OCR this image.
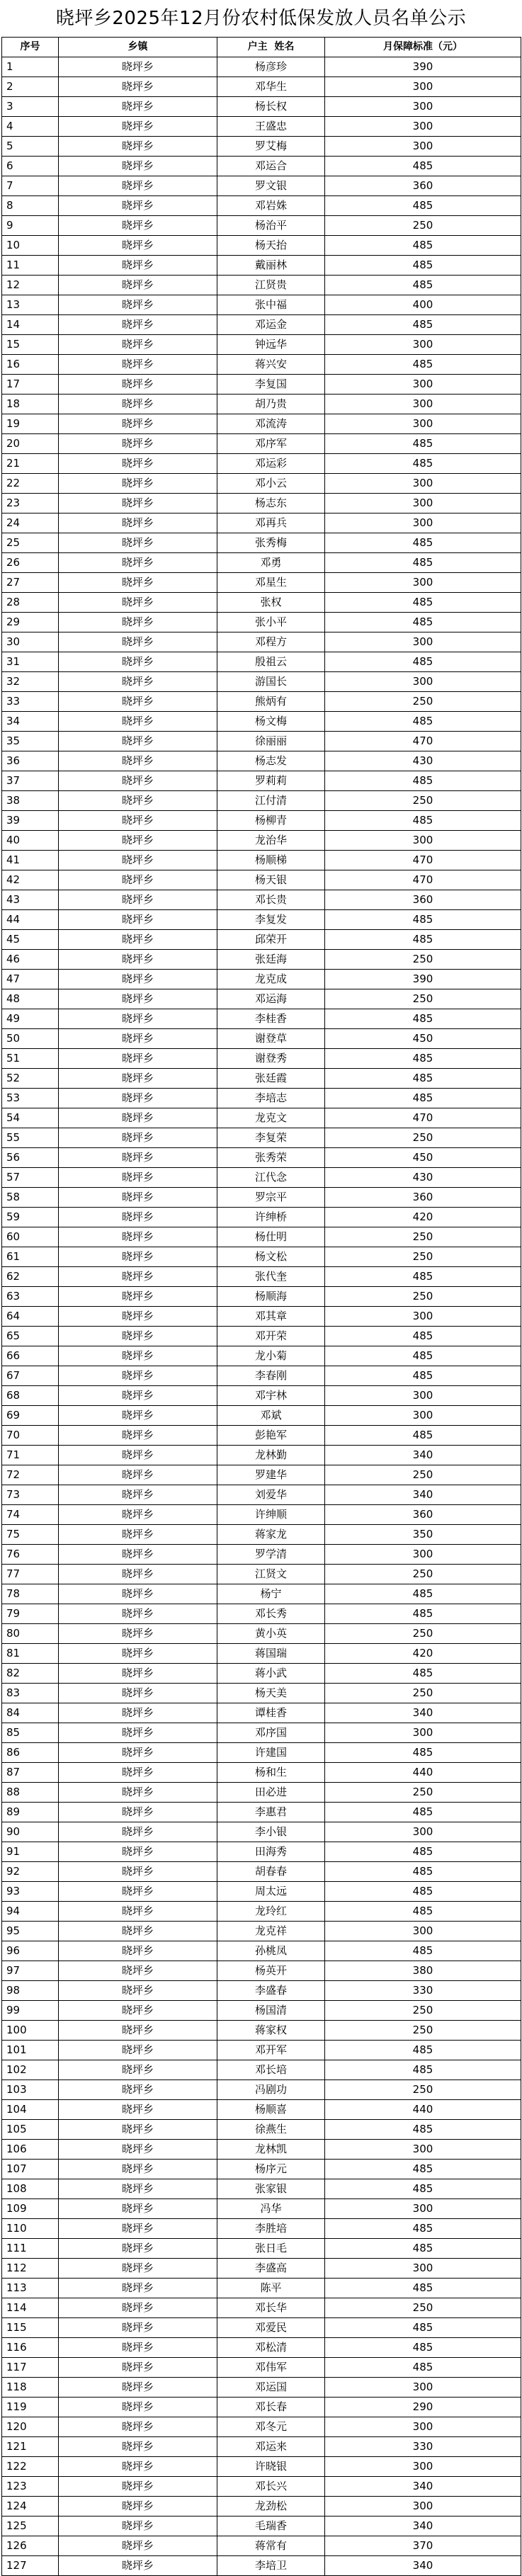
晓坪乡2025年12月份农村低保发放人员名单公示
序号	乡镇	户主  姓名	月保障标准（元）
1	晓坪乡	杨彦珍	390
2	晓坪乡	邓华生	300
3	晓坪乡	杨长权	300
4	晓坪乡	王盛忠	300
5	晓坪乡	罗艾梅	300
6	晓坪乡	邓运合	485
7	晓坪乡	罗文银	360
8	晓坪乡	邓岩姝	485
9	晓坪乡	杨治平	250
10	晓坪乡	杨天抬	485
11	晓坪乡	戴丽林	485
12	晓坪乡	江贤贵	485
13	晓坪乡	张中福	400
14	晓坪乡	邓运金	485
15	晓坪乡	钟远华	300
16	晓坪乡	蒋兴安	485
17	晓坪乡	李复国	300
18	晓坪乡	胡乃贵	300
19	晓坪乡	邓流涛	300
20	晓坪乡	邓序军	485
21	晓坪乡	邓运彩	485
22	晓坪乡	邓小云	300
23	晓坪乡	杨志东	300
24	晓坪乡	邓再兵	300
25	晓坪乡	张秀梅	485
26	晓坪乡	邓勇	485
27	晓坪乡	邓星生	300
28	晓坪乡	张权	485
29	晓坪乡	张小平	485
30	晓坪乡	邓程方	300
31	晓坪乡	殷祖云	485
32	晓坪乡	游国长	300
33	晓坪乡	熊炳有	250
34	晓坪乡	杨文梅	485
35	晓坪乡	徐丽丽	470
36	晓坪乡	杨志发	430
37	晓坪乡	罗莉莉	485
38	晓坪乡	江付清	250
39	晓坪乡	杨柳青	485
40	晓坪乡	龙治华	300
41	晓坪乡	杨顺梯	470
42	晓坪乡	杨天银	470
43	晓坪乡	邓长贵	360
44	晓坪乡	李复发	485
45	晓坪乡	邱荣开	485
46	晓坪乡	张廷海	250
47	晓坪乡	龙克成	390
48	晓坪乡	邓运海	250
49	晓坪乡	李桂香	485
50	晓坪乡	谢登草	450
51	晓坪乡	谢登秀	485
52	晓坪乡	张廷霞	485
53	晓坪乡	李培志	485
54	晓坪乡	龙克文	470
55	晓坪乡	李复荣	250
56	晓坪乡	张秀荣	450
57	晓坪乡	江代念	430
58	晓坪乡	罗宗平	360
59	晓坪乡	许绅桥	420
60	晓坪乡	杨仕明	250
61	晓坪乡	杨文松	250
62	晓坪乡	张代奎	485
63	晓坪乡	杨顺海	250
64	晓坪乡	邓其章	300
65	晓坪乡	邓开荣	485
66	晓坪乡	龙小菊	485
67	晓坪乡	李春刚	485
68	晓坪乡	邓宇林	300
69	晓坪乡	邓斌	300
70	晓坪乡	彭艳军	485
71	晓坪乡	龙林勤	340
72	晓坪乡	罗建华	250
73	晓坪乡	刘爱华	340
74	晓坪乡	许绅顺	360
75	晓坪乡	蒋家龙	350
76	晓坪乡	罗学清	300
77	晓坪乡	江贤文	250
78	晓坪乡	杨宁	485
79	晓坪乡	邓长秀	485
80	晓坪乡	黄小英	250
81	晓坪乡	蒋国瑞	420
82	晓坪乡	蒋小武	485
83	晓坪乡	杨天美	250
84	晓坪乡	谭桂香	340
85	晓坪乡	邓序国	300
86	晓坪乡	许建国	485
87	晓坪乡	杨和生	440
88	晓坪乡	田必进	250
89	晓坪乡	李惠君	485
90	晓坪乡	李小银	300
91	晓坪乡	田海秀	485
92	晓坪乡	胡春春	485
93	晓坪乡	周太远	485
94	晓坪乡	龙玲红	485
95	晓坪乡	龙克祥	300
96	晓坪乡	孙桃凤	485
97	晓坪乡	杨英开	380
98	晓坪乡	李盛春	330
99	晓坪乡	杨国清	250
100	晓坪乡	蒋家权	250
101	晓坪乡	邓开军	485
102	晓坪乡	邓长培	485
103	晓坪乡	冯剧功	250
104	晓坪乡	杨顺喜	440
105	晓坪乡	徐燕生	485
106	晓坪乡	龙林凯	300
107	晓坪乡	杨序元	485
108	晓坪乡	张家银	485
109	晓坪乡	冯华	300
110	晓坪乡	李胜培	485
111	晓坪乡	张日毛	485
112	晓坪乡	李盛高	300
113	晓坪乡	陈平	485
114	晓坪乡	邓长华	250
115	晓坪乡	邓爱民	485
116	晓坪乡	邓松清	485
117	晓坪乡	邓伟军	485
118	晓坪乡	邓运国	300
119	晓坪乡	邓长春	290
120	晓坪乡	邓冬元	300
121	晓坪乡	邓运来	330
122	晓坪乡	许晓银	300
123	晓坪乡	邓长兴	340
124	晓坪乡	龙劲松	300
125	晓坪乡	毛瑞香	340
126	晓坪乡	蒋常有	370
127	晓坪乡	李培卫	340
